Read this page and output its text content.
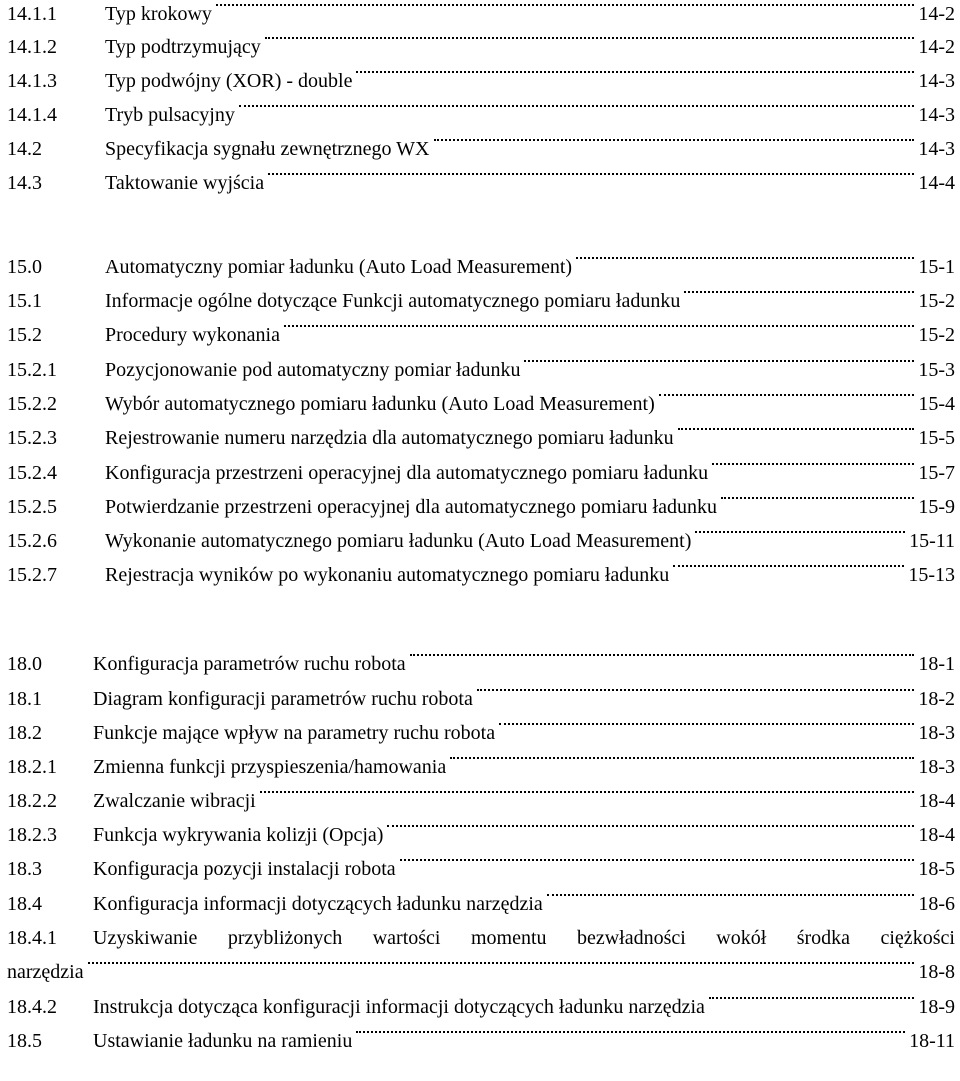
14.1.1 Typ krokowy	14-2
14.1.2 Typ podtrzymujący	14-2
14.1.3 Typ podwójny (XOR) - double	14-3
14.1.4 Tryb pulsacyjny	14-3
14.2	Specyfikacja sygnału zewnętrznego WX	14-3
14.3	Taktowanie wyjścia	14-4
15.0	Automatyczny pomiar ładunku (Auto Load Measurement)	15-1
15.1	Informacje ogólne dotyczące Funkcji automatycznego pomiaru ładunku	15-2
15.2	Procedury wykonania	15-2
15.2.1 Pozycjonowanie pod automatyczny pomiar ładunku	15-3
15.2.2 Wybór automatycznego pomiaru ładunku (Auto Load Measurement)	15-4
15.2.3 Rejestrowanie numeru narzędzia dla automatycznego pomiaru ładunku	15-5
15.2.4 Konfiguracja przestrzeni operacyjnej dla automatycznego pomiaru ładunku	15-7
15.2.5 Potwierdzanie przestrzeni operacyjnej dla automatycznego pomiaru ładunku	15-9
15.2.6 Wykonanie automatycznego pomiaru ładunku (Auto Load Measurement)	15-11
15.2.7 Rejestracja wyników po wykonaniu automatycznego pomiaru ładunku	15-13
18.0	Konfiguracja parametrów ruchu robota	18-1
18.1	Diagram konfiguracji parametrów ruchu robota	18-2
18.2	Funkcje mające wpływ na parametry ruchu robota	18-3
18.2.1 Zmienna funkcji przyspieszenia/hamowania	18-3
18.2.2 Zwalczanie wibracji	18-4
18.2.3 Funkcja wykrywania kolizji (Opcja)	18-4
18.3	Konfiguracja pozycji instalacji robota	18-5
18.4	Konfiguracja informacji dotyczących ładunku narzędzia	18-6
18.4.1 Uzyskiwanie przybliżonych wartości momentu bezwładności wokół środka ciężkości
narzędzia	18-8
18.4.2 Instrukcja dotycząca konfiguracji informacji dotyczących ładunku narzędzia	18-9
18.5	Ustawianie ładunku na ramieniu	18-11
